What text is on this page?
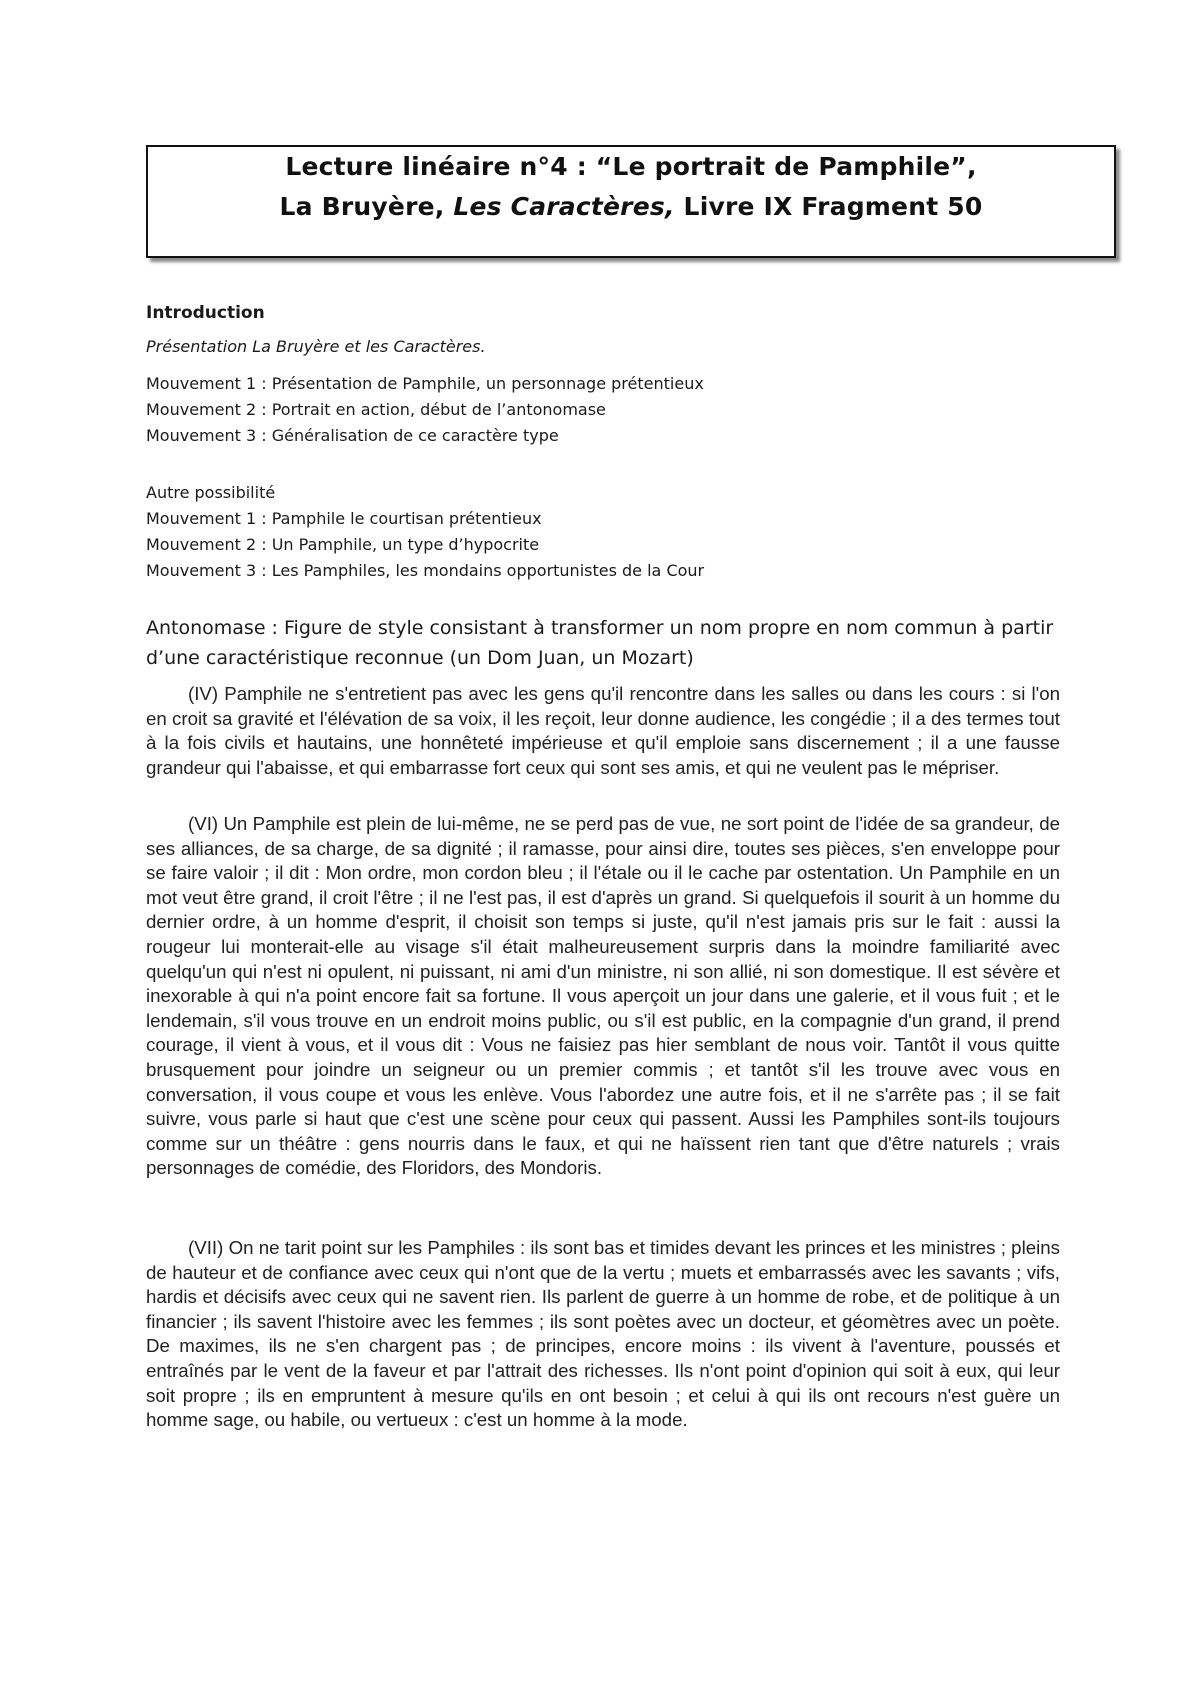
Lecture linéaire n°4 : “Le portrait de Pamphile”,
La Bruyère, Les Caractères, Livre IX Fragment 50
Introduction
Présentation La Bruyère et les Caractères.
Mouvement 1 : Présentation de Pamphile, un personnage prétentieux
Mouvement 2 : Portrait en action, début de l’antonomase
Mouvement 3 : Généralisation de ce caractère type
Autre possibilité
Mouvement 1 : Pamphile le courtisan prétentieux
Mouvement 2 : Un Pamphile, un type d’hypocrite
Mouvement 3 : Les Pamphiles, les mondains opportunistes de la Cour
Antonomase : Figure de style consistant à transformer un nom propre en nom commun à partir d’une caractéristique reconnue (un Dom Juan, un Mozart)

(IV) Pamphile ne s'entretient pas avec les gens qu'il rencontre dans les salles ou dans les cours : si l'on en croit sa gravité et l'élévation de sa voix, il les reçoit, leur donne audience, les congédie ; il a des termes tout à la fois civils et hautains, une honnêteté impérieuse et qu'il emploie sans discernement ; il a une fausse grandeur qui l'abaisse, et qui embarrasse fort ceux qui sont ses amis, et qui ne veulent pas le mépriser.

(VI) Un Pamphile est plein de lui-même, ne se perd pas de vue, ne sort point de l'idée de sa grandeur, de ses alliances, de sa charge, de sa dignité ; il ramasse, pour ainsi dire, toutes ses pièces, s'en enveloppe pour se faire valoir ; il dit : Mon ordre, mon cordon bleu ; il l'étale ou il le cache par ostentation. Un Pamphile en un mot veut être grand, il croit l'être ; il ne l'est pas, il est d'après un grand. Si quelquefois il sourit à un homme du dernier ordre, à un homme d'esprit, il choisit son temps si juste, qu'il n'est jamais pris sur le fait : aussi la rougeur lui monterait-elle au visage s'il était malheureusement surpris dans la moindre familiarité avec quelqu'un qui n'est ni opulent, ni puissant, ni ami d'un ministre, ni son allié, ni son domestique. Il est sévère et inexorable à qui n'a point encore fait sa fortune. Il vous aperçoit un jour dans une galerie, et il vous fuit ; et le lendemain, s'il vous trouve en un endroit moins public, ou s'il est public, en la compagnie d'un grand, il prend courage, il vient à vous, et il vous dit : Vous ne faisiez pas hier semblant de nous voir. Tantôt il vous quitte brusquement pour joindre un seigneur ou un premier commis ; et tantôt s'il les trouve avec vous en conversation, il vous coupe et vous les enlève. Vous l'abordez une autre fois, et il ne s'arrête pas ; il se fait suivre, vous parle si haut que c'est une scène pour ceux qui passent. Aussi les Pamphiles sont-ils toujours comme sur un théâtre : gens nourris dans le faux, et qui ne haïssent rien tant que d'être naturels ; vrais personnages de comédie, des Floridors, des Mondoris.

(VII) On ne tarit point sur les Pamphiles : ils sont bas et timides devant les princes et les ministres ; pleins de hauteur et de confiance avec ceux qui n'ont que de la vertu ; muets et embarrassés avec les savants ; vifs, hardis et décisifs avec ceux qui ne savent rien. Ils parlent de guerre à un homme de robe, et de politique à un financier ; ils savent l'histoire avec les femmes ; ils sont poètes avec un docteur, et géomètres avec un poète. De maximes, ils ne s'en chargent pas ; de principes, encore moins : ils vivent à l'aventure, poussés et entraînés par le vent de la faveur et par l'attrait des richesses. Ils n'ont point d'opinion qui soit à eux, qui leur soit propre ; ils en empruntent à mesure qu'ils en ont besoin ; et celui à qui ils ont recours n'est guère un homme sage, ou habile, ou vertueux : c'est un homme à la mode.
